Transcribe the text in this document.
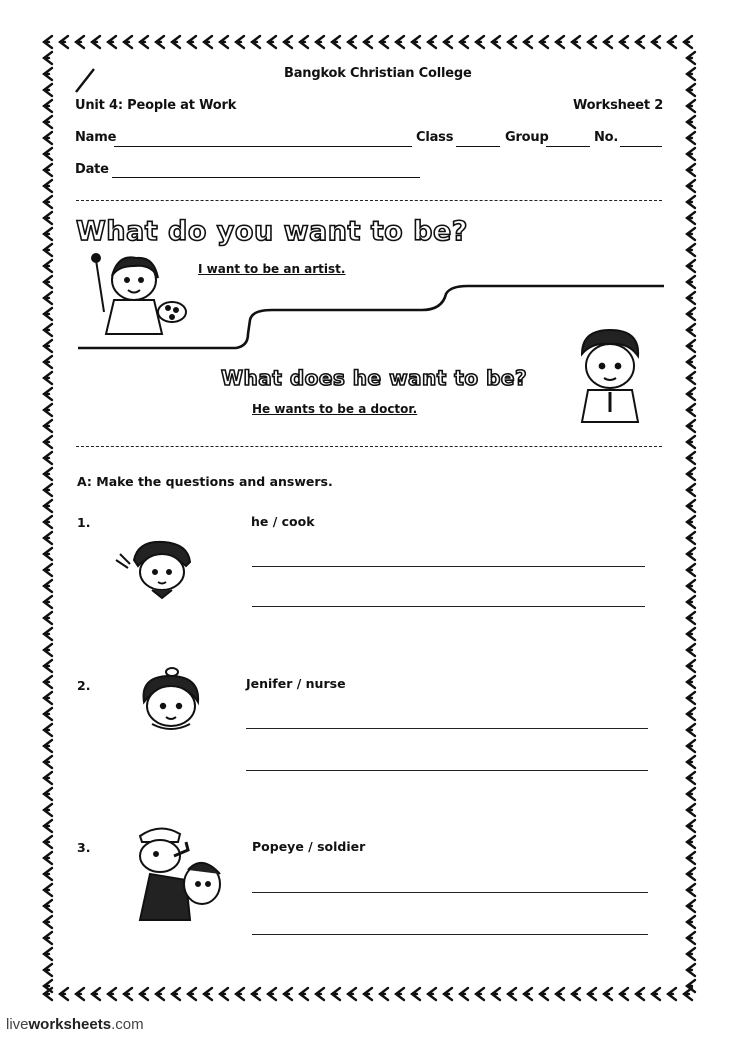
Bangkok Christian College
Unit 4: People at Work	Worksheet 2
Name	Class	Group	No.
Date
What do you want to be?
I want to be an artist.
What does he want to be?
He wants to be a doctor.
A: Make the questions and answers.
1.	he / cook
2.	Jenifer / nurse
3.	Popeye / soldier
liveworksheets.com
